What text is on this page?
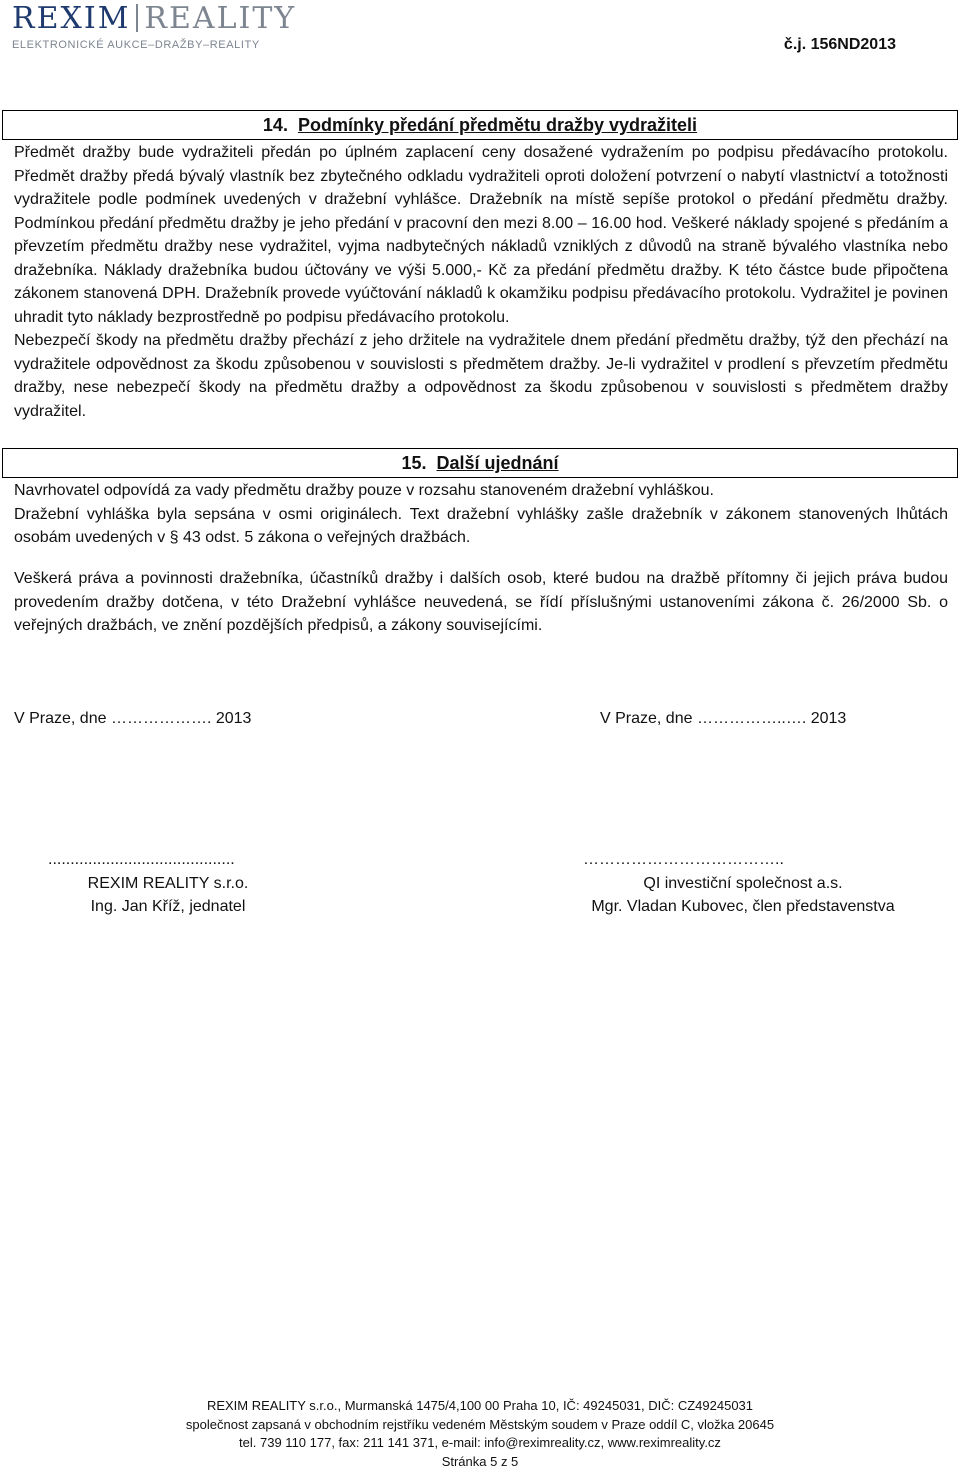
REXIM REALITY
ELEKTRONICKÉ AUKCE–DRAŽBY–REALITY	č.j. 156ND2013
14. Podmínky předání předmětu dražby vydražiteli

Předmět dražby bude vydražiteli předán po úplném zaplacení ceny dosažené vydražením po podpisu předávacího protokolu. Předmět dražby předá bývalý vlastník bez zbytečného odkladu vydražiteli oproti doložení potvrzení o nabytí vlastnictví a totožnosti vydražitele podle podmínek uvedených v dražební vyhlášce. Dražebník na místě sepíše protokol o předání předmětu dražby. Podmínkou předání předmětu dražby je jeho předání v pracovní den mezi 8.00 – 16.00 hod. Veškeré náklady spojené s předáním a převzetím předmětu dražby nese vydražitel, vyjma nadbytečných nákladů vzniklých z důvodů na straně bývalého vlastníka nebo dražebníka. Náklady dražebníka budou účtovány ve výši 5.000,- Kč za předání předmětu dražby. K této částce bude připočtena zákonem stanovená DPH. Dražebník provede vyúčtování nákladů k okamžiku podpisu předávacího protokolu. Vydražitel je povinen uhradit tyto náklady bezprostředně po podpisu předávacího protokolu.

Nebezpečí škody na předmětu dražby přechází z jeho držitele na vydražitele dnem předání předmětu dražby, týž den přechází na vydražitele odpovědnost za škodu způsobenou v souvislosti s předmětem dražby. Je-li vydražitel v prodlení s převzetím předmětu dražby, nese nebezpečí škody na předmětu dražby a odpovědnost za škodu způsobenou v souvislosti s předmětem dražby vydražitel.

15. Další ujednání

Navrhovatel odpovídá za vady předmětu dražby pouze v rozsahu stanoveném dražební vyhláškou.

Dražební vyhláška byla sepsána v osmi originálech. Text dražební vyhlášky zašle dražebník v zákonem stanovených lhůtách osobám uvedených v § 43 odst. 5 zákona o veřejných dražbách.

Veškerá práva a povinnosti dražebníka, účastníků dražby i dalších osob, které budou na dražbě přítomny či jejich práva budou provedením dražby dotčena, v této Dražební vyhlášce neuvedená, se řídí příslušnými ustanoveními zákona č. 26/2000 Sb. o veřejných dražbách, ve znění pozdějších předpisů, a zákony souvisejícími.

V Praze, dne ………………. 2013	V Praze, dne ……………..…. 2013
..........................................
REXIM REALITY s.r.o.
Ing. Jan Kříž, jednatel
………………………………..
QI investiční společnost a.s.
Mgr. Vladan Kubovec, člen představenstva
REXIM REALITY s.r.o., Murmanská 1475/4,100 00 Praha 10, IČ: 49245031, DIČ: CZ49245031
společnost zapsaná v obchodním rejstříku vedeném Městským soudem v Praze oddíl C, vložka 20645
tel. 739 110 177, fax: 211 141 371, e-mail: info@reximreality.cz, www.reximreality.cz
Stránka 5 z 5
